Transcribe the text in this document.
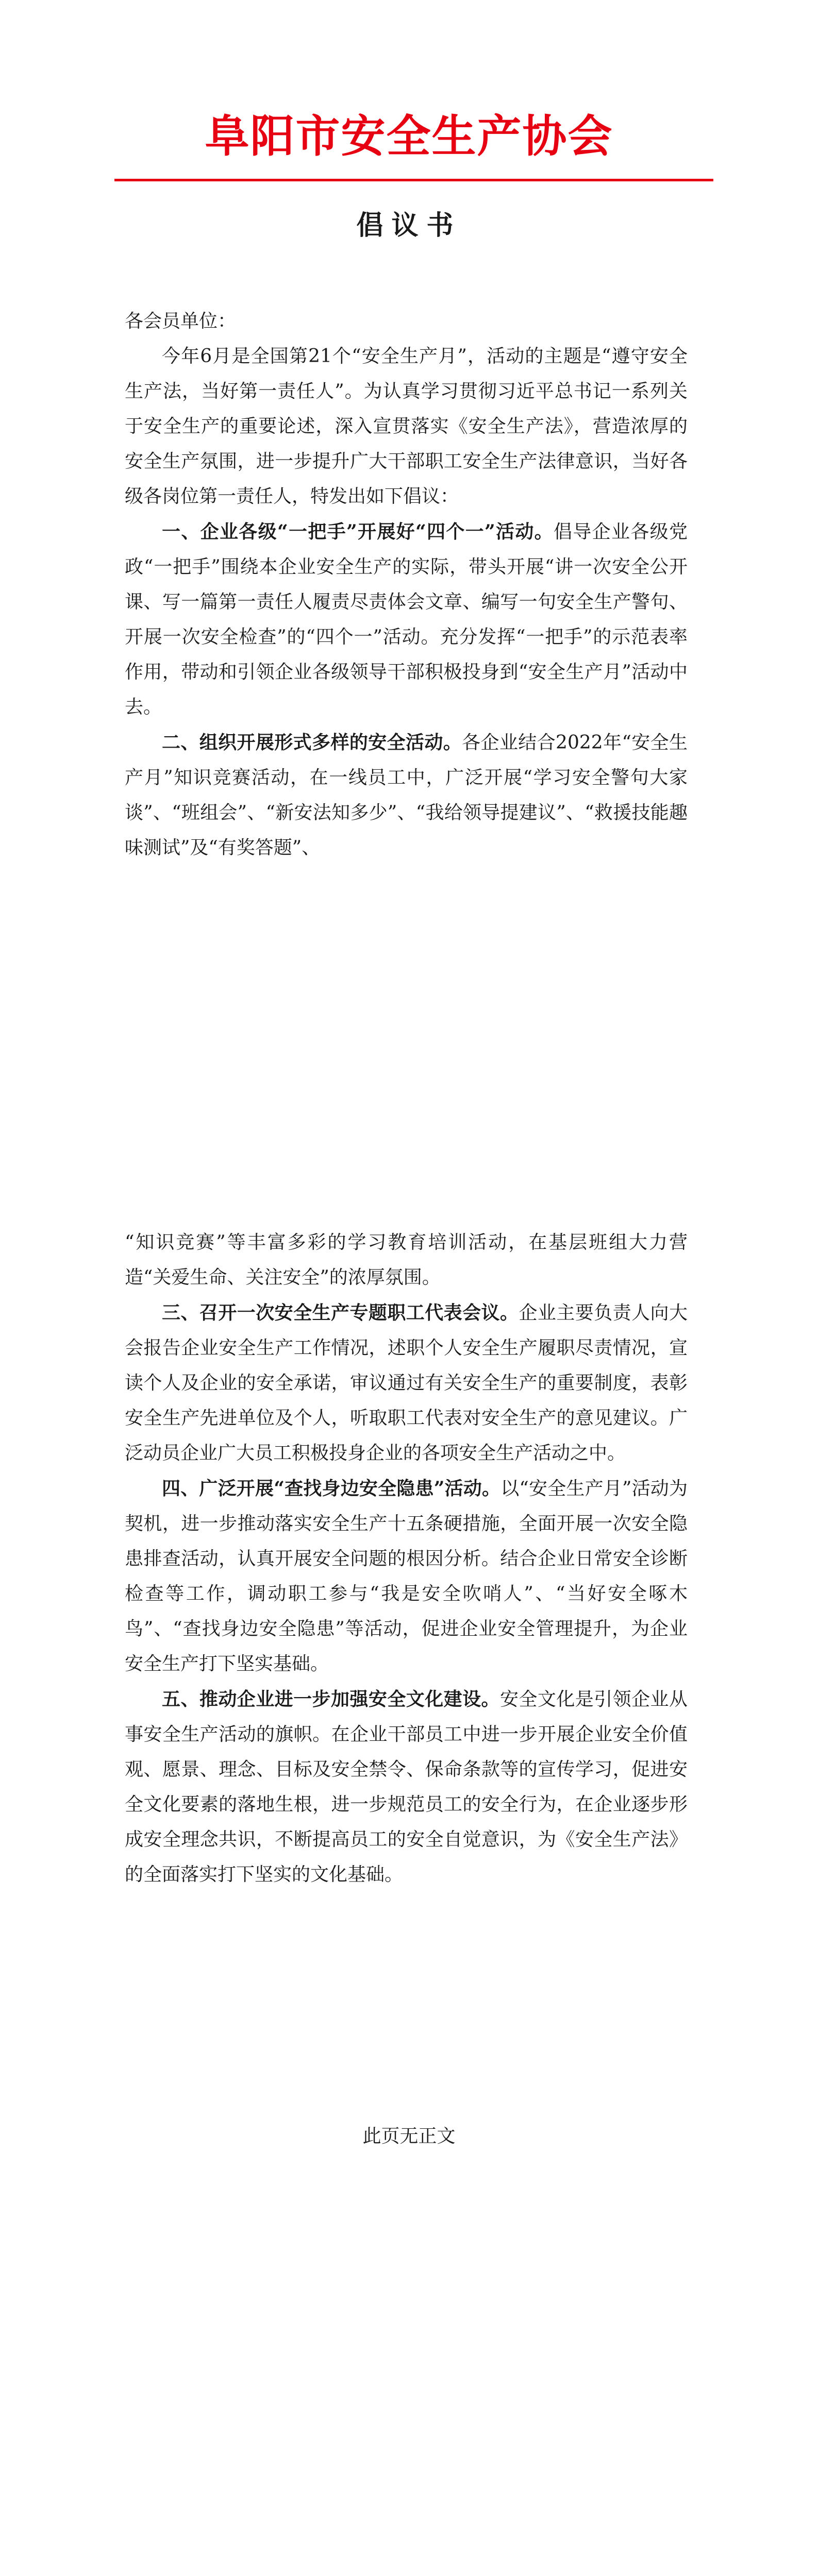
阜阳市安全生产协会
倡议书

各会员单位：

今年6月是全国第21个“安全生产月”，活动的主题是“遵守安全生产法，当好第一责任人”。为认真学习贯彻习近平总书记一系列关于安全生产的重要论述，深入宣贯落实《安全生产法》，营造浓厚的安全生产氛围，进一步提升广大干部职工安全生产法律意识，当好各级各岗位第一责任人，特发出如下倡议：

一、企业各级“一把手”开展好“四个一”活动。倡导企业各级党政“一把手”围绕本企业安全生产的实际，带头开展“讲一次安全公开课、写一篇第一责任人履责尽责体会文章、编写一句安全生产警句、开展一次安全检查”的“四个一”活动。充分发挥“一把手”的示范表率作用，带动和引领企业各级领导干部积极投身到“安全生产月”活动中去。

二、组织开展形式多样的安全活动。各企业结合2022年“安全生产月”知识竞赛活动，在一线员工中，广泛开展“学习安全警句大家谈”、“班组会”、“新安法知多少”、“我给领导提建议”、“救援技能趣味测试”及“有奖答题”、

“知识竞赛”等丰富多彩的学习教育培训活动，在基层班组大力营造“关爱生命、关注安全”的浓厚氛围。

三、召开一次安全生产专题职工代表会议。企业主要负责人向大会报告企业安全生产工作情况，述职个人安全生产履职尽责情况，宣读个人及企业的安全承诺，审议通过有关安全生产的重要制度，表彰安全生产先进单位及个人，听取职工代表对安全生产的意见建议。广泛动员企业广大员工积极投身企业的各项安全生产活动之中。

四、广泛开展“查找身边安全隐患”活动。以“安全生产月”活动为契机，进一步推动落实安全生产十五条硬措施，全面开展一次安全隐患排查活动，认真开展安全问题的根因分析。结合企业日常安全诊断检查等工作，调动职工参与“我是安全吹哨人”、“当好安全啄木鸟”、“查找身边安全隐患”等活动，促进企业安全管理提升，为企业安全生产打下坚实基础。

五、推动企业进一步加强安全文化建设。安全文化是引领企业从事安全生产活动的旗帜。在企业干部员工中进一步开展企业安全价值观、愿景、理念、目标及安全禁令、保命条款等的宣传学习，促进安全文化要素的落地生根，进一步规范员工的安全行为，在企业逐步形成安全理念共识，不断提高员工的安全自觉意识，为《安全生产法》的全面落实打下坚实的文化基础。

此页无正文
